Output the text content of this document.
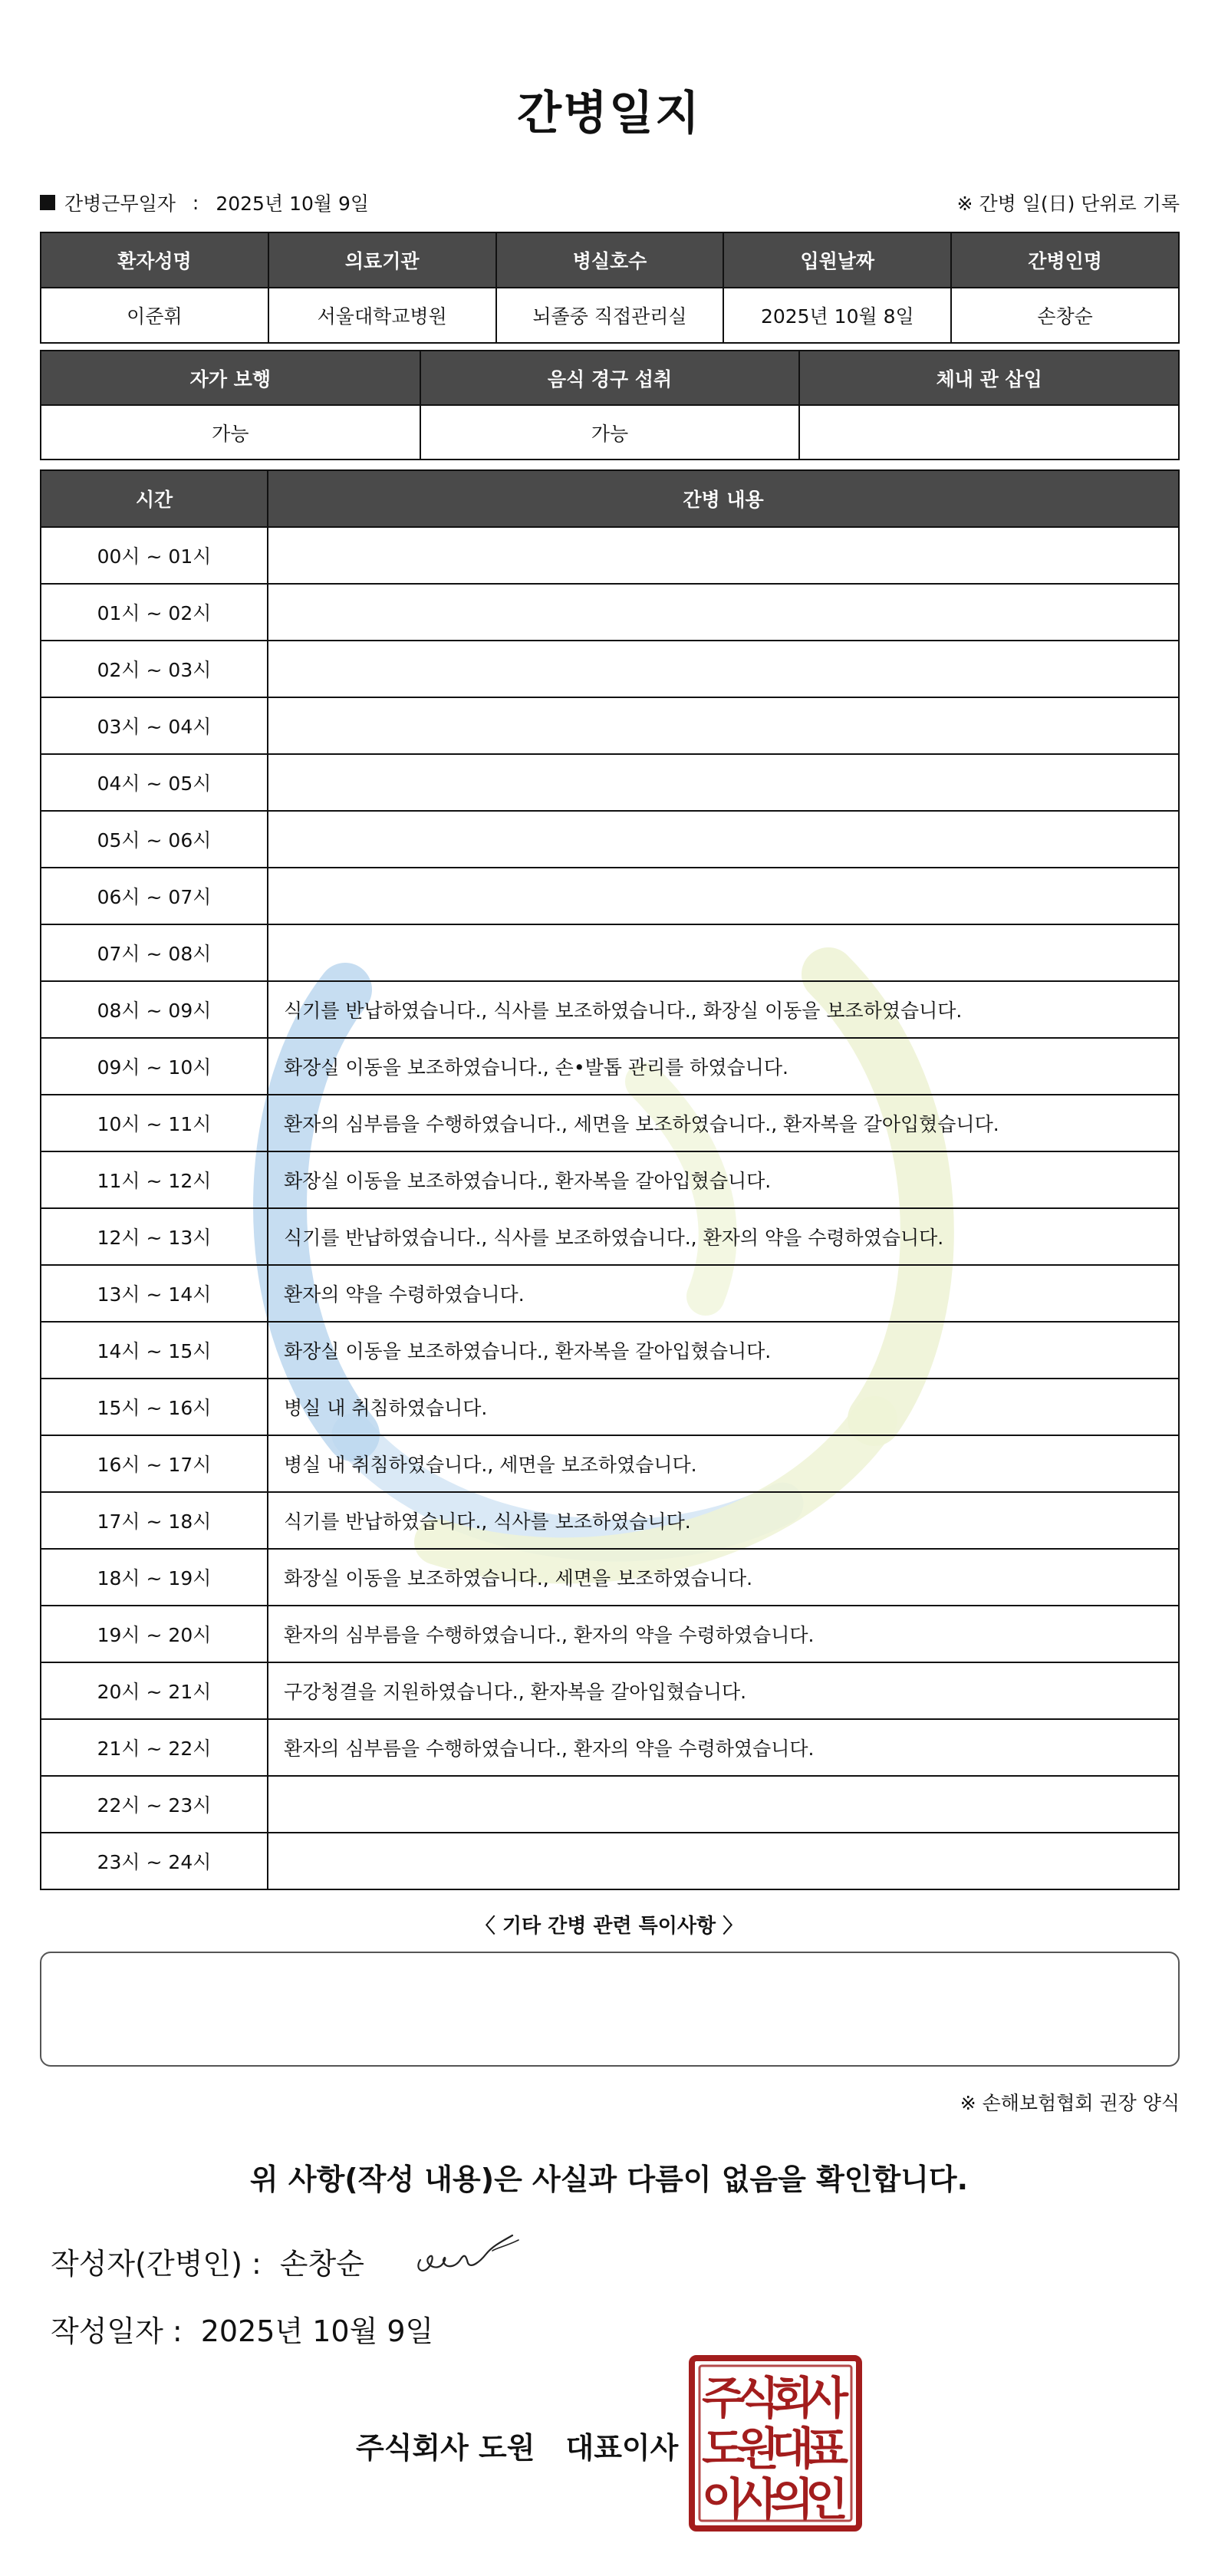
간병일지
간병근무일자 : 2025년 10월 9일	※ 간병 일(日) 단위로 기록
환자성명	의료기관	병실호수	입원날짜	간병인명
이준휘	서울대학교병원	뇌졸중 직접관리실	2025년 10월 8일	손창순
자가 보행	음식 경구 섭취	체내 관 삽입
가능	가능	
시간	간병 내용
00시 ~ 01시	
01시 ~ 02시	
02시 ~ 03시	
03시 ~ 04시	
04시 ~ 05시	
05시 ~ 06시	
06시 ~ 07시	
07시 ~ 08시	
08시 ~ 09시	식기를 반납하였습니다., 식사를 보조하였습니다., 화장실 이동을 보조하였습니다.
09시 ~ 10시	화장실 이동을 보조하였습니다., 손•발톱 관리를 하였습니다.
10시 ~ 11시	환자의 심부름을 수행하였습니다., 세면을 보조하였습니다., 환자복을 갈아입혔습니다.
11시 ~ 12시	화장실 이동을 보조하였습니다., 환자복을 갈아입혔습니다.
12시 ~ 13시	식기를 반납하였습니다., 식사를 보조하였습니다., 환자의 약을 수령하였습니다.
13시 ~ 14시	환자의 약을 수령하였습니다.
14시 ~ 15시	화장실 이동을 보조하였습니다., 환자복을 갈아입혔습니다.
15시 ~ 16시	병실 내 취침하였습니다.
16시 ~ 17시	병실 내 취침하였습니다., 세면을 보조하였습니다.
17시 ~ 18시	식기를 반납하였습니다., 식사를 보조하였습니다.
18시 ~ 19시	화장실 이동을 보조하였습니다., 세면을 보조하였습니다.
19시 ~ 20시	환자의 심부름을 수행하였습니다., 환자의 약을 수령하였습니다.
20시 ~ 21시	구강청결을 지원하였습니다., 환자복을 갈아입혔습니다.
21시 ~ 22시	환자의 심부름을 수행하였습니다., 환자의 약을 수령하였습니다.
22시 ~ 23시	
23시 ~ 24시	
〈 기타 간병 관련 특이사항 〉
※ 손해보험협회 권장 양식
위 사항(작성 내용)은 사실과 다름이 없음을 확인합니다.
작성자(간병인) : 손창순
작성일자 : 2025년 10월 9일
주식회사 도원 대표이사
주
식
회
사
도
원
대
표
이
사
의
인
